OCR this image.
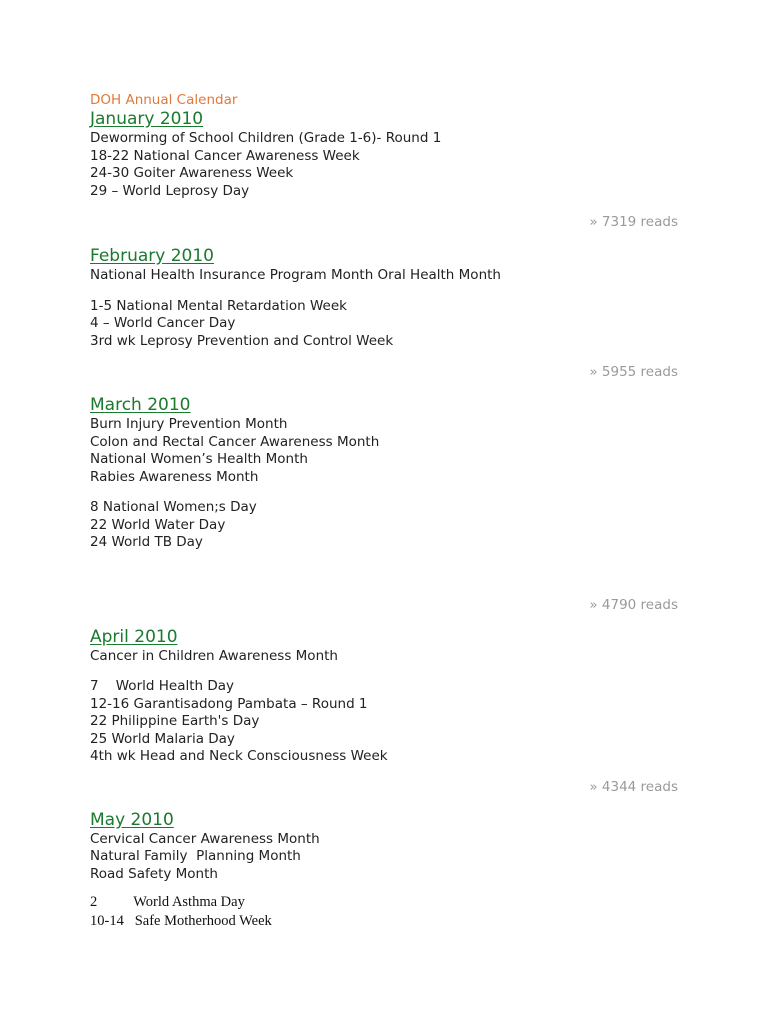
DOH Annual Calendar
January 2010

Deworming of School Children (Grade 1-6)- Round 1

18-22 National Cancer Awareness Week

24-30 Goiter Awareness Week

29 – World Leprosy Day

» 7319 reads
February 2010

National Health Insurance Program Month Oral Health Month

1-5 National Mental Retardation Week

4 – World Cancer Day

3rd wk Leprosy Prevention and Control Week

» 5955 reads
March 2010

Burn Injury Prevention Month

Colon and Rectal Cancer Awareness Month

National Women’s Health Month

Rabies Awareness Month

8 National Women;s Day

22 World Water Day

24 World TB Day

» 4790 reads
April 2010

Cancer in Children Awareness Month

7    World Health Day

12-16 Garantisadong Pambata – Round 1

22 Philippine Earth's Day

25 World Malaria Day

4th wk Head and Neck Consciousness Week

» 4344 reads
May 2010

Cervical Cancer Awareness Month

Natural Family  Planning Month

Road Safety Month

2          World Asthma Day

10-14   Safe Motherhood Week
